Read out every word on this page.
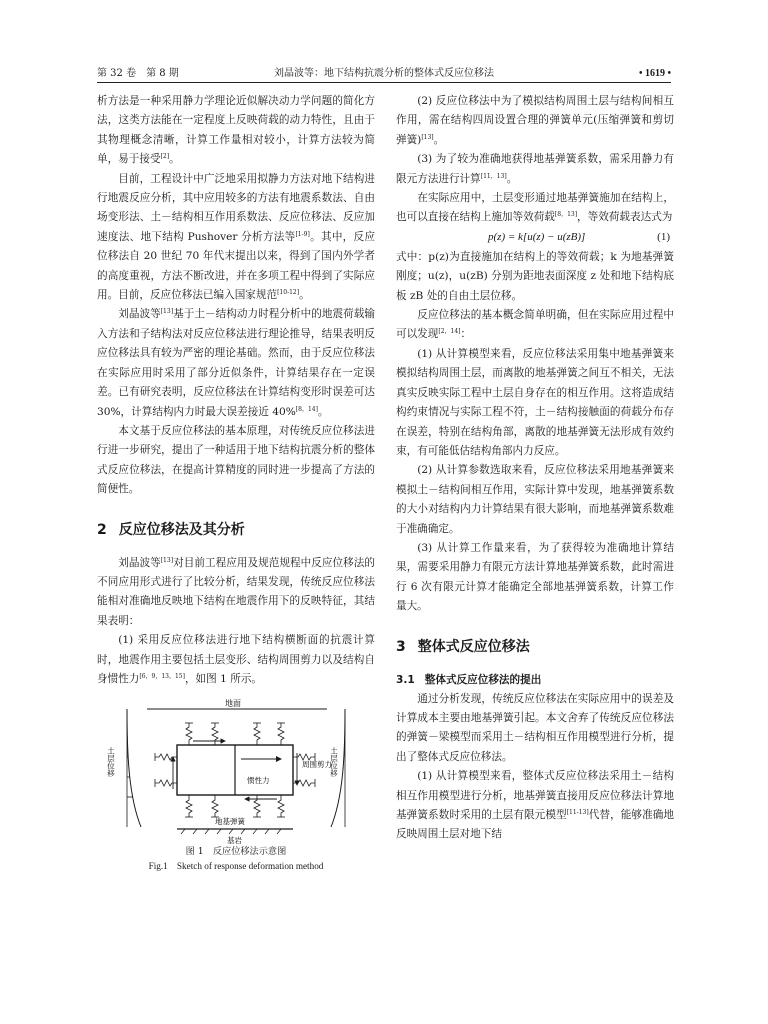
第 32 卷　第 8 期	刘晶波等：地下结构抗震分析的整体式反应位移法	• 1619 •

析方法是一种采用静力学理论近似解决动力学问题的简化方法，这类方法能在一定程度上反映荷载的动力特性，且由于其物理概念清晰，计算工作量相对较小，计算方法较为简单，易于接受[2]。

目前，工程设计中广泛地采用拟静力方法对地下结构进行地震反应分析，其中应用较多的方法有地震系数法、自由场变形法、土－结构相互作用系数法、反应位移法、反应加速度法、地下结构 Pushover 分析方法等[1-9]。其中，反应位移法自 20 世纪 70 年代末提出以来，得到了国内外学者的高度重视，方法不断改进，并在多项工程中得到了实际应用。目前，反应位移法已编入国家规范[10-12]。

刘晶波等[13]基于土－结构动力时程分析中的地震荷载输入方法和子结构法对反应位移法进行理论推导，结果表明反应位移法具有较为严密的理论基础。然而，由于反应位移法在实际应用时采用了部分近似条件，计算结果存在一定误差。已有研究表明，反应位移法在计算结构变形时误差可达 30%，计算结构内力时最大误差接近 40%[8，14]。

本文基于反应位移法的基本原理，对传统反应位移法进行进一步研究，提出了一种适用于地下结构抗震分析的整体式反应位移法，在提高计算精度的同时进一步提高了方法的简便性。

2 反应位移法及其分析

刘晶波等[13]对目前工程应用及规范规程中反应位移法的不同应用形式进行了比较分析，结果发现，传统反应位移法能相对准确地反映地下结构在地震作用下的反映特征，其结果表明：

(1) 采用反应位移法进行地下结构横断面的抗震计算时，地震作用主要包括土层变形、结构周围剪力以及结构自身惯性力[6，9，13，15]，如图 1 所示。

地面
土层位移	土层位移
惯性力
周围剪力
地基弹簧
基岩
图 1　反应位移法示意图
Fig.1　Sketch of response deformation method

(2) 反应位移法中为了模拟结构周围土层与结构间相互作用，需在结构四周设置合理的弹簧单元(压缩弹簧和剪切弹簧)[13]。

(3) 为了较为准确地获得地基弹簧系数，需采用静力有限元方法进行计算[11，13]。

在实际应用中，土层变形通过地基弹簧施加在结构上，也可以直接在结构上施加等效荷载[8，13]，等效荷载表达式为

p(z) = k[u(z) − u(zB)]	(1)

式中：p(z)为直接施加在结构上的等效荷载；k 为地基弹簧刚度；u(z)，u(zB) 分别为距地表面深度 z 处和地下结构底板 zB 处的自由土层位移。

反应位移法的基本概念简单明确，但在实际应用过程中可以发现[2，14]：

(1) 从计算模型来看，反应位移法采用集中地基弹簧来模拟结构周围土层，而离散的地基弹簧之间互不相关，无法真实反映实际工程中土层自身存在的相互作用。这将造成结构约束情况与实际工程不符，土－结构接触面的荷载分布存在误差，特别在结构角部，离散的地基弹簧无法形成有效约束，有可能低估结构角部内力反应。

(2) 从计算参数选取来看，反应位移法采用地基弹簧来模拟土－结构间相互作用，实际计算中发现，地基弹簧系数的大小对结构内力计算结果有很大影响，而地基弹簧系数难于准确确定。

(3) 从计算工作量来看，为了获得较为准确地计算结果，需要采用静力有限元方法计算地基弹簧系数，此时需进行 6 次有限元计算才能确定全部地基弹簧系数，计算工作量大。

3 整体式反应位移法
3.1 整体式反应位移法的提出

通过分析发现，传统反应位移法在实际应用中的误差及计算成本主要由地基弹簧引起。本文舍弃了传统反应位移法的弹簧－梁模型而采用土－结构相互作用模型进行分析，提出了整体式反应位移法。

(1) 从计算模型来看，整体式反应位移法采用土－结构相互作用模型进行分析，地基弹簧直接用反应位移法计算地基弹簧系数时采用的土层有限元模型[11-13]代替，能够准确地反映周围土层对地下结
